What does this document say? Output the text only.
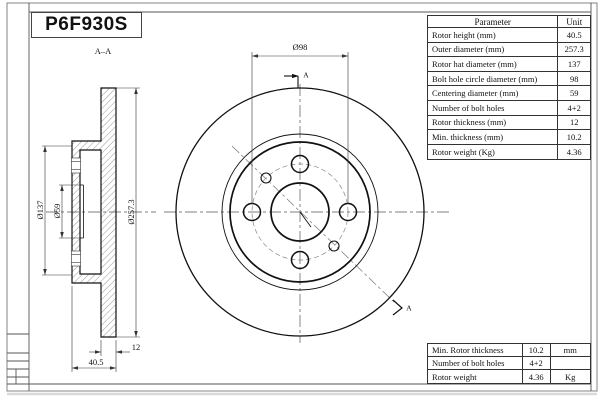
P6F930S
A–A	Ø98
Ø137 Ø59	Ø257.3
12
40.5
A
A
Parameter	Unit
Rotor height (mm)	40.5
Outer diameter (mm)	257.3
Rotor hat diameter (mm)	137
Bolt hole circle diameter (mm)	98
Centering diameter (mm)	59
Number of bolt holes	4+2
Rotor thickness (mm)	12
Min. thickness (mm)	10.2
Rotor weight (Kg)	4.36
Min. Rotor thickness	10.2	mm
Number of bolt holes	4+2
Rotor weight	4.36	Kg
